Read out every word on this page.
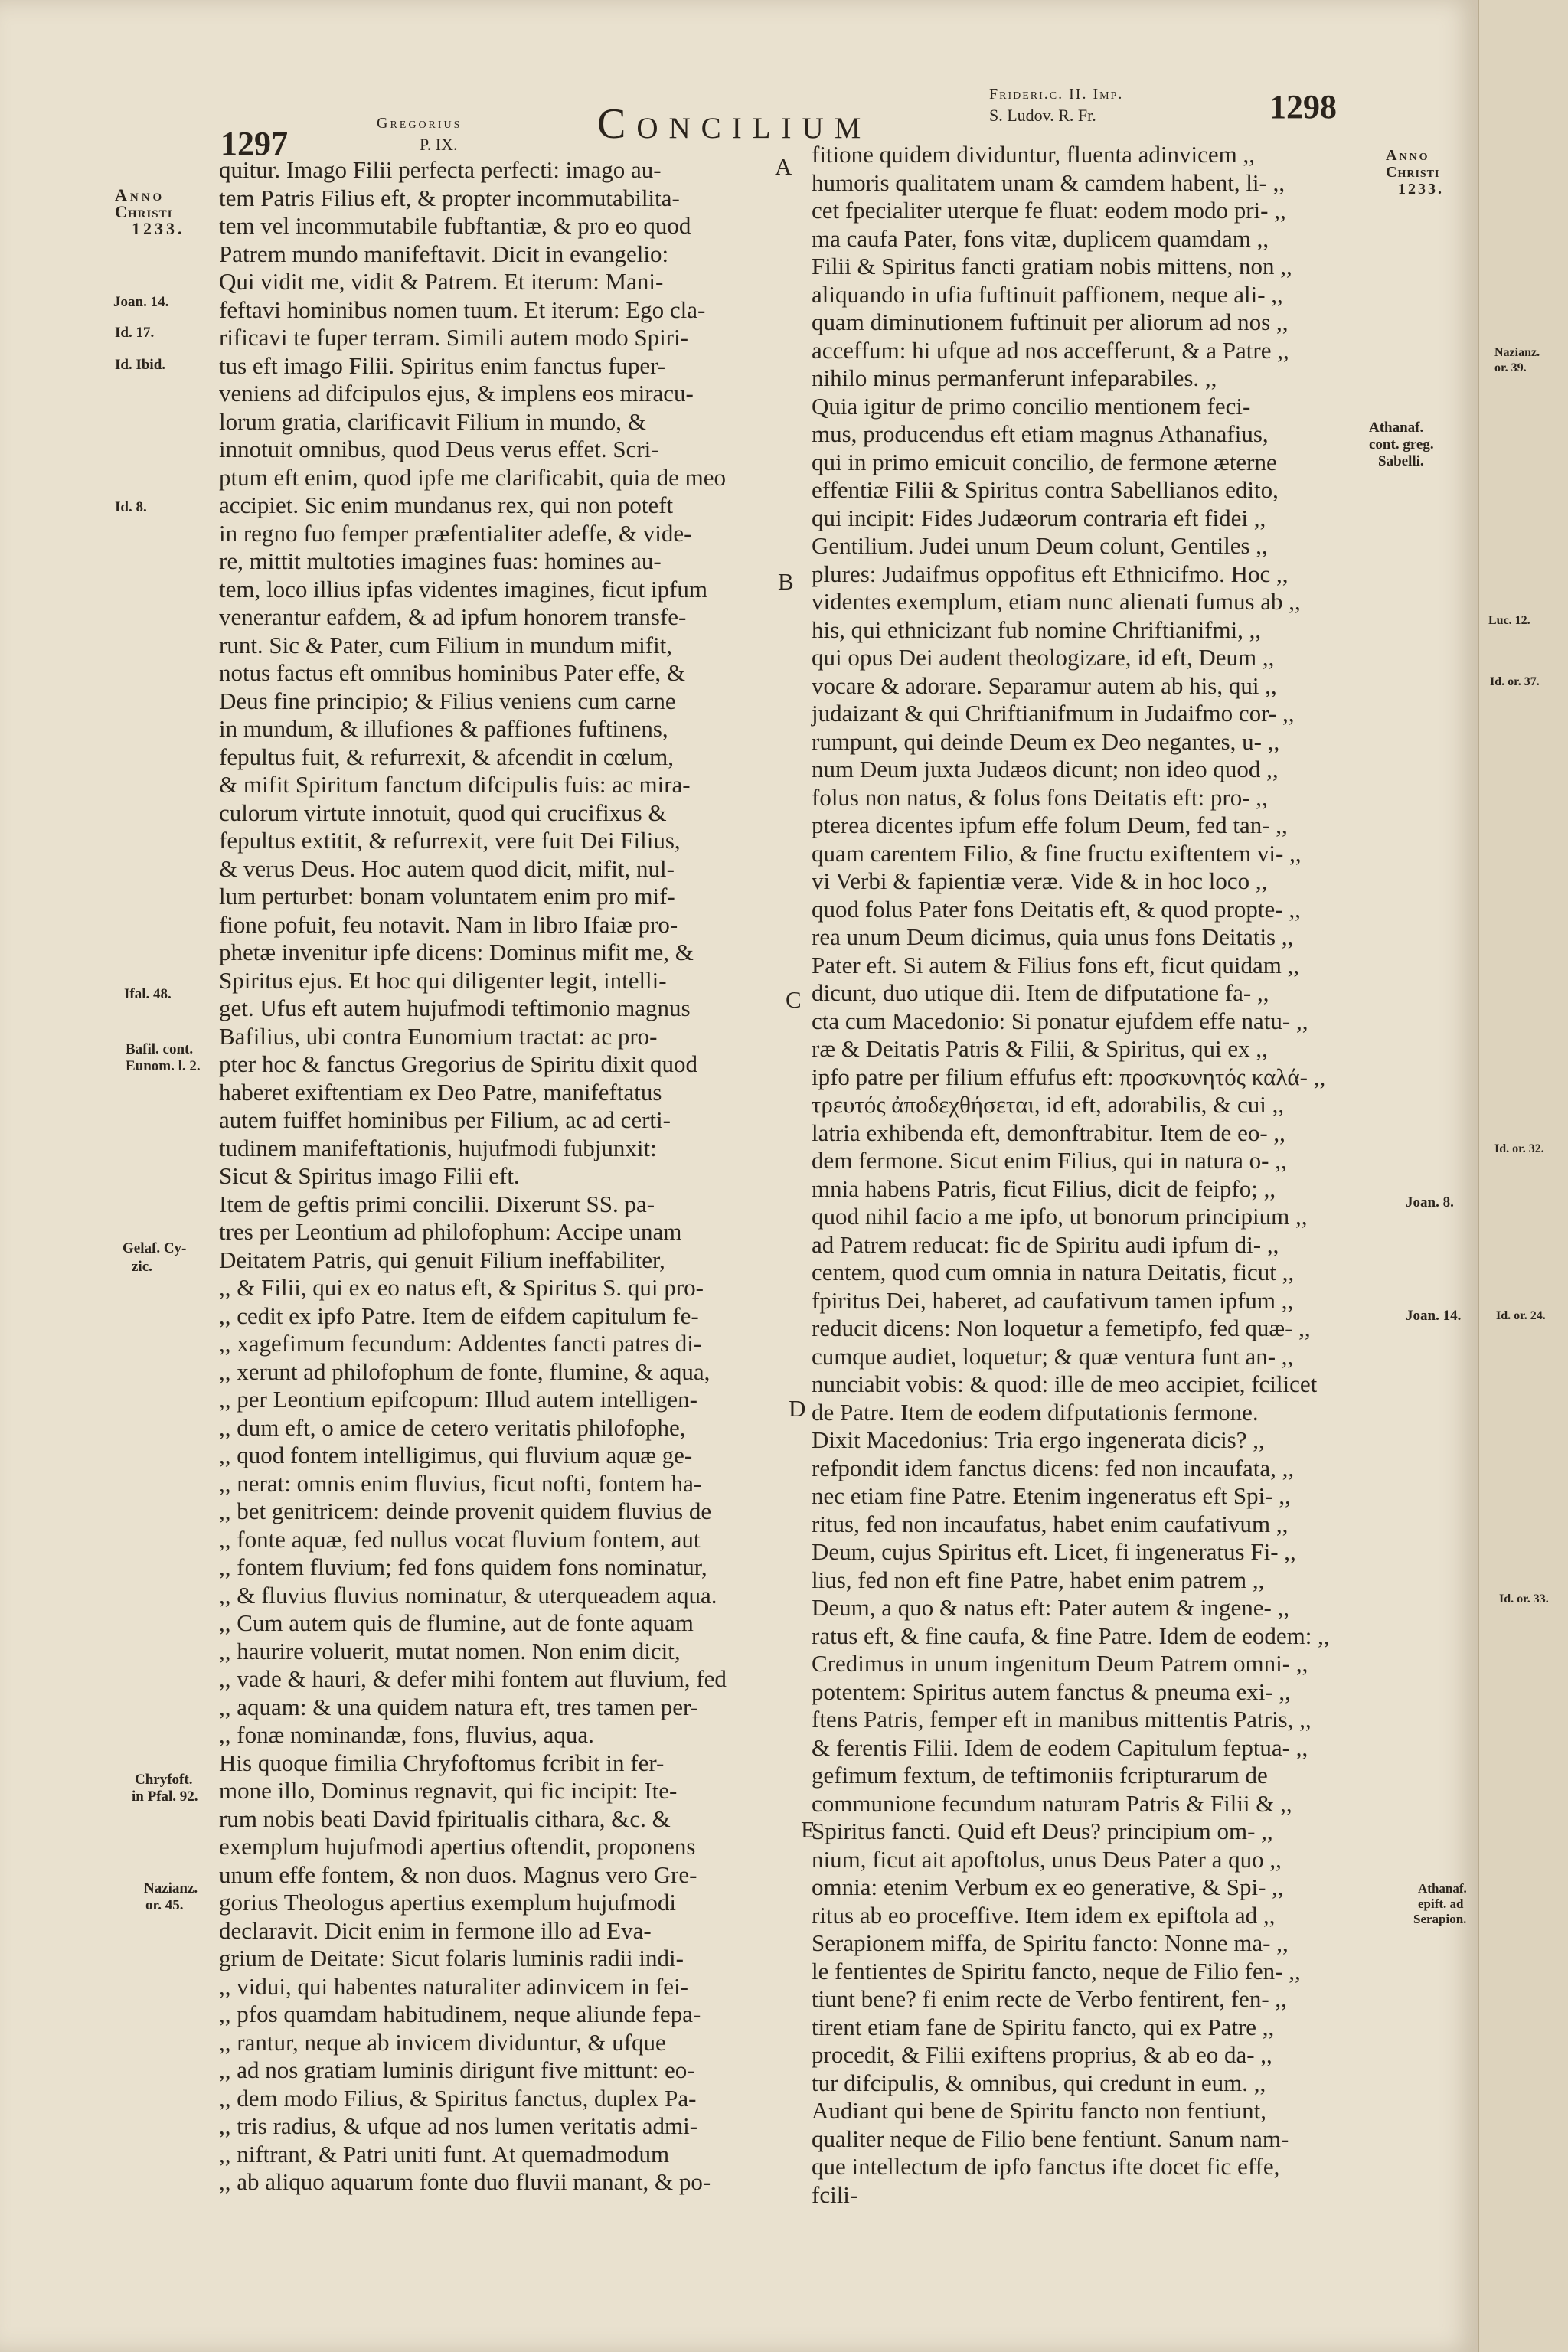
1297
Gregorius
P. IX.	Concilium
Friderı.c. II. Imp.
S. Ludov. R. Fr.	1298
Anno
Christi
1233.
Anno
Christi
1233.
Joan. 14.
Id. 17.
Id. Ibid.
Id. 8.
Ifal. 48.
Bafil. cont.
Eunom. l. 2.
Gelaf. Cy-
zic.
Chryfoft.
in Pfal. 92.
Nazianz.
or. 45.
A
B
C
D
E
quitur. Imago Filii perfecta perfecti: imago au-
tem Patris Filius eft, & propter incommutabilita-
tem vel incommutabile fubftantiæ, & pro eo quod
Patrem mundo manifeftavit. Dicit in evangelio:
Qui vidit me, vidit & Patrem. Et iterum: Mani-
feftavi hominibus nomen tuum. Et iterum: Ego cla-
rificavi te fuper terram. Simili autem modo Spiri-
tus eft imago Filii. Spiritus enim fanctus fuper-
veniens ad difcipulos ejus, & implens eos miracu-
lorum gratia, clarificavit Filium in mundo, &
innotuit omnibus, quod Deus verus effet. Scri-
ptum eft enim, quod ipfe me clarificabit, quia de meo
accipiet. Sic enim mundanus rex, qui non poteft
in regno fuo femper præfentialiter adeffe, & vide-
re, mittit multoties imagines fuas: homines au-
tem, loco illius ipfas videntes imagines, ficut ipfum
venerantur eafdem, & ad ipfum honorem transfe-
runt. Sic & Pater, cum Filium in mundum mifit,
notus factus eft omnibus hominibus Pater effe, &
Deus fine principio; & Filius veniens cum carne
in mundum, & illufiones & paffiones fuftinens,
fepultus fuit, & refurrexit, & afcendit in cœlum,
& mifit Spiritum fanctum difcipulis fuis: ac mira-
culorum virtute innotuit, quod qui crucifixus &
fepultus extitit, & refurrexit, vere fuit Dei Filius,
& verus Deus. Hoc autem quod dicit, mifit, nul-
lum perturbet: bonam voluntatem enim pro mif-
fione pofuit, feu notavit. Nam in libro Ifaiæ pro-
phetæ invenitur ipfe dicens: Dominus mifit me, &
Spiritus ejus. Et hoc qui diligenter legit, intelli-
get. Ufus eft autem hujufmodi teftimonio magnus
Bafilius, ubi contra Eunomium tractat: ac pro-
pter hoc & fanctus Gregorius de Spiritu dixit quod
haberet exiftentiam ex Deo Patre, manifeftatus
autem fuiffet hominibus per Filium, ac ad certi-
tudinem manifeftationis, hujufmodi fubjunxit:
Sicut & Spiritus imago Filii eft.
Item de geftis primi concilii. Dixerunt SS. pa-
tres per Leontium ad philofophum: Accipe unam
Deitatem Patris, qui genuit Filium ineffabiliter,
,, & Filii, qui ex eo natus eft, & Spiritus S. qui pro-
,, cedit ex ipfo Patre. Item de eifdem capitulum fe-
,, xagefimum fecundum: Addentes fancti patres di-
,, xerunt ad philofophum de fonte, flumine, & aqua,
,, per Leontium epifcopum: Illud autem intelligen-
,, dum eft, o amice de cetero veritatis philofophe,
,, quod fontem intelligimus, qui fluvium aquæ ge-
,, nerat: omnis enim fluvius, ficut nofti, fontem ha-
,, bet genitricem: deinde provenit quidem fluvius de
,, fonte aquæ, fed nullus vocat fluvium fontem, aut
,, fontem fluvium; fed fons quidem fons nominatur,
,, & fluvius fluvius nominatur, & uterqueadem aqua.
,, Cum autem quis de flumine, aut de fonte aquam
,, haurire voluerit, mutat nomen. Non enim dicit,
,, vade & hauri, & defer mihi fontem aut fluvium, fed
,, aquam: & una quidem natura eft, tres tamen per-
,, fonæ nominandæ, fons, fluvius, aqua.
His quoque fimilia Chryfoftomus fcribit in fer-
mone illo, Dominus regnavit, qui fic incipit: Ite-
rum nobis beati David fpiritualis cithara, &c. &
exemplum hujufmodi apertius oftendit, proponens
unum effe fontem, & non duos. Magnus vero Gre-
gorius Theologus apertius exemplum hujufmodi
declaravit. Dicit enim in fermone illo ad Eva-
grium de Deitate: Sicut folaris luminis radii indi-
,, vidui, qui habentes naturaliter adinvicem in fei-
,, pfos quamdam habitudinem, neque aliunde fepa-
,, rantur, neque ab invicem dividuntur, & ufque
,, ad nos gratiam luminis dirigunt five mittunt: eo-
,, dem modo Filius, & Spiritus fanctus, duplex Pa-
,, tris radius, & ufque ad nos lumen veritatis admi-
,, niftrant, & Patri uniti funt. At quemadmodum
,, ab aliquo aquarum fonte duo fluvii manant, & po-
fitione quidem dividuntur, fluenta adinvicem ,,
humoris qualitatem unam & camdem habent, li- ,,
cet fpecialiter uterque fe fluat: eodem modo pri- ,,
ma caufa Pater, fons vitæ, duplicem quamdam ,,
Filii & Spiritus fancti gratiam nobis mittens, non ,,
aliquando in ufia fuftinuit paffionem, neque ali- ,,
quam diminutionem fuftinuit per aliorum ad nos ,,
acceffum: hi ufque ad nos accefferunt, & a Patre ,,
nihilo minus permanferunt infeparabiles. ,,
Quia igitur de primo concilio mentionem feci-
mus, producendus eft etiam magnus Athanafius,
qui in primo emicuit concilio, de fermone æterne
effentiæ Filii & Spiritus contra Sabellianos edito,
qui incipit: Fides Judæorum contraria eft fidei ,,
Gentilium. Judei unum Deum colunt, Gentiles ,,
plures: Judaifmus oppofitus eft Ethnicifmo. Hoc ,,
videntes exemplum, etiam nunc alienati fumus ab ,,
his, qui ethnicizant fub nomine Chriftianifmi, ,,
qui opus Dei audent theologizare, id eft, Deum ,,
vocare & adorare. Separamur autem ab his, qui ,,
judaizant & qui Chriftianifmum in Judaifmo cor- ,,
rumpunt, qui deinde Deum ex Deo negantes, u- ,,
num Deum juxta Judæos dicunt; non ideo quod ,,
folus non natus, & folus fons Deitatis eft: pro- ,,
pterea dicentes ipfum effe folum Deum, fed tan- ,,
quam carentem Filio, & fine fructu exiftentem vi- ,,
vi Verbi & fapientiæ veræ. Vide & in hoc loco ,,
quod folus Pater fons Deitatis eft, & quod propte- ,,
rea unum Deum dicimus, quia unus fons Deitatis ,,
Pater eft. Si autem & Filius fons eft, ficut quidam ,,
dicunt, duo utique dii. Item de difputatione fa- ,,
cta cum Macedonio: Si ponatur ejufdem effe natu- ,,
ræ & Deitatis Patris & Filii, & Spiritus, qui ex ,,
ipfo patre per filium effufus eft: προσκυνητός καλά- ,,
τρευτός ἀποδεχθήσεται, id eft, adorabilis, & cui ,,
latria exhibenda eft, demonftrabitur. Item de eo- ,,
dem fermone. Sicut enim Filius, qui in natura o- ,,
mnia habens Patris, ficut Filius, dicit de feipfo; ,,
quod nihil facio a me ipfo, ut bonorum principium ,,
ad Patrem reducat: fic de Spiritu audi ipfum di- ,,
centem, quod cum omnia in natura Deitatis, ficut ,,
fpiritus Dei, haberet, ad caufativum tamen ipfum ,,
reducit dicens: Non loquetur a femetipfo, fed quæ- ,,
cumque audiet, loquetur; & quæ ventura funt an- ,,
nunciabit vobis: & quod: ille de meo accipiet, fcilicet
de Patre. Item de eodem difputationis fermone.
Dixit Macedonius: Tria ergo ingenerata dicis? ,,
refpondit idem fanctus dicens: fed non incaufata, ,,
nec etiam fine Patre. Etenim ingeneratus eft Spi- ,,
ritus, fed non incaufatus, habet enim caufativum ,,
Deum, cujus Spiritus eft. Licet, fi ingeneratus Fi- ,,
lius, fed non eft fine Patre, habet enim patrem ,,
Deum, a quo & natus eft: Pater autem & ingene- ,,
ratus eft, & fine caufa, & fine Patre. Idem de eodem: ,,
Credimus in unum ingenitum Deum Patrem omni- ,,
potentem: Spiritus autem fanctus & pneuma exi- ,,
ftens Patris, femper eft in manibus mittentis Patris, ,,
& ferentis Filii. Idem de eodem Capitulum feptua- ,,
gefimum fextum, de teftimoniis fcripturarum de
communione fecundum naturam Patris & Filii & ,,
Spiritus fancti. Quid eft Deus? principium om- ,,
nium, ficut ait apoftolus, unus Deus Pater a quo ,,
omnia: etenim Verbum ex eo generative, & Spi- ,,
ritus ab eo proceffive. Item idem ex epiftola ad ,,
Serapionem miffa, de Spiritu fancto: Nonne ma- ,,
le fentientes de Spiritu fancto, neque de Filio fen- ,,
tiunt bene? fi enim recte de Verbo fentirent, fen- ,,
tirent etiam fane de Spiritu fancto, qui ex Patre ,,
procedit, & Filii exiftens proprius, & ab eo da- ,,
tur difcipulis, & omnibus, qui credunt in eum. ,,
Audiant qui bene de Spiritu fancto non fentiunt,
qualiter neque de Filio bene fentiunt. Sanum nam-
que intellectum de ipfo fanctus ifte docet fic effe,
fcili-
Athanaf.
cont. greg.
Sabelli.
Joan. 8.
Joan. 14.
Athanaf.
epift. ad
Serapion.
Nazianz.
or. 39.
Luc. 12.
Id. or. 37.
Id. or. 32.
Id. or. 24.
Id. or. 33.
